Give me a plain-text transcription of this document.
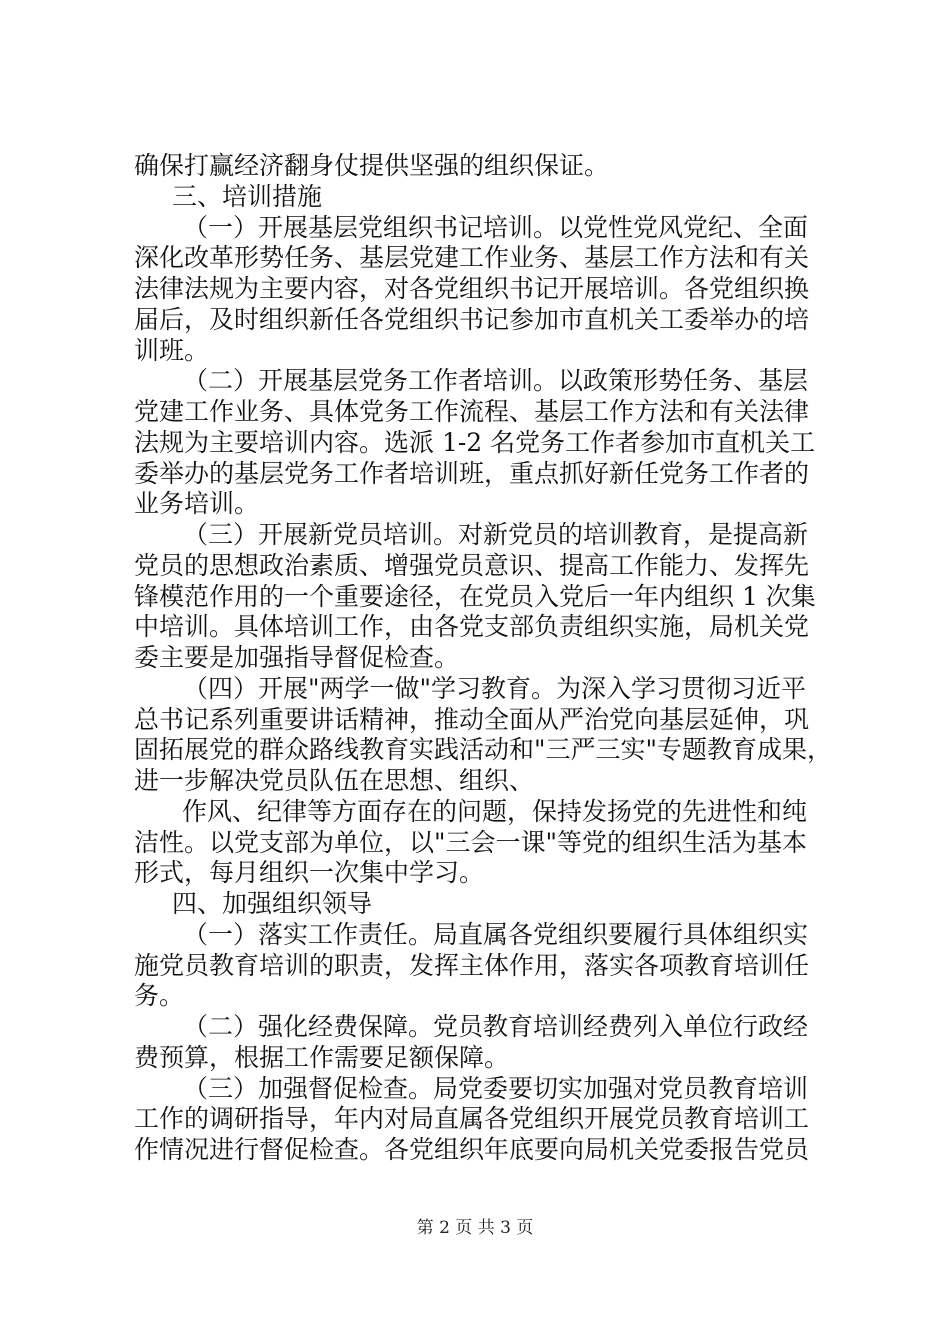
确保打赢经济翻身仗提供坚强的组织保证。
三、培训措施
（一）开展基层党组织书记培训。以党性党风党纪、全面
深化改革形势任务、基层党建工作业务、基层工作方法和有关
法律法规为主要内容，对各党组织书记开展培训。各党组织换
届后，及时组织新任各党组织书记参加市直机关工委举办的培
训班。
（二）开展基层党务工作者培训。以政策形势任务、基层
党建工作业务、具体党务工作流程、基层工作方法和有关法律
法规为主要培训内容。选派 1-2 名党务工作者参加市直机关工
委举办的基层党务工作者培训班，重点抓好新任党务工作者的
业务培训。
（三）开展新党员培训。对新党员的培训教育，是提高新
党员的思想政治素质、增强党员意识、提高工作能力、发挥先
锋模范作用的一个重要途径，在党员入党后一年内组织 1 次集
中培训。具体培训工作，由各党支部负责组织实施，局机关党
委主要是加强指导督促检查。
（四）开展"两学一做"学习教育。为深入学习贯彻习近平
总书记系列重要讲话精神，推动全面从严治党向基层延伸，巩
固拓展党的群众路线教育实践活动和"三严三实"专题教育成果，
进一步解决党员队伍在思想、组织、
作风、纪律等方面存在的问题，保持发扬党的先进性和纯
洁性。以党支部为单位，以"三会一课"等党的组织生活为基本
形式，每月组织一次集中学习。
四、加强组织领导
（一）落实工作责任。局直属各党组织要履行具体组织实
施党员教育培训的职责，发挥主体作用，落实各项教育培训任
务。
（二）强化经费保障。党员教育培训经费列入单位行政经
费预算，根据工作需要足额保障。
（三）加强督促检查。局党委要切实加强对党员教育培训
工作的调研指导，年内对局直属各党组织开展党员教育培训工
作情况进行督促检查。各党组织年底要向局机关党委报告党员
第 2 页 共 3 页
